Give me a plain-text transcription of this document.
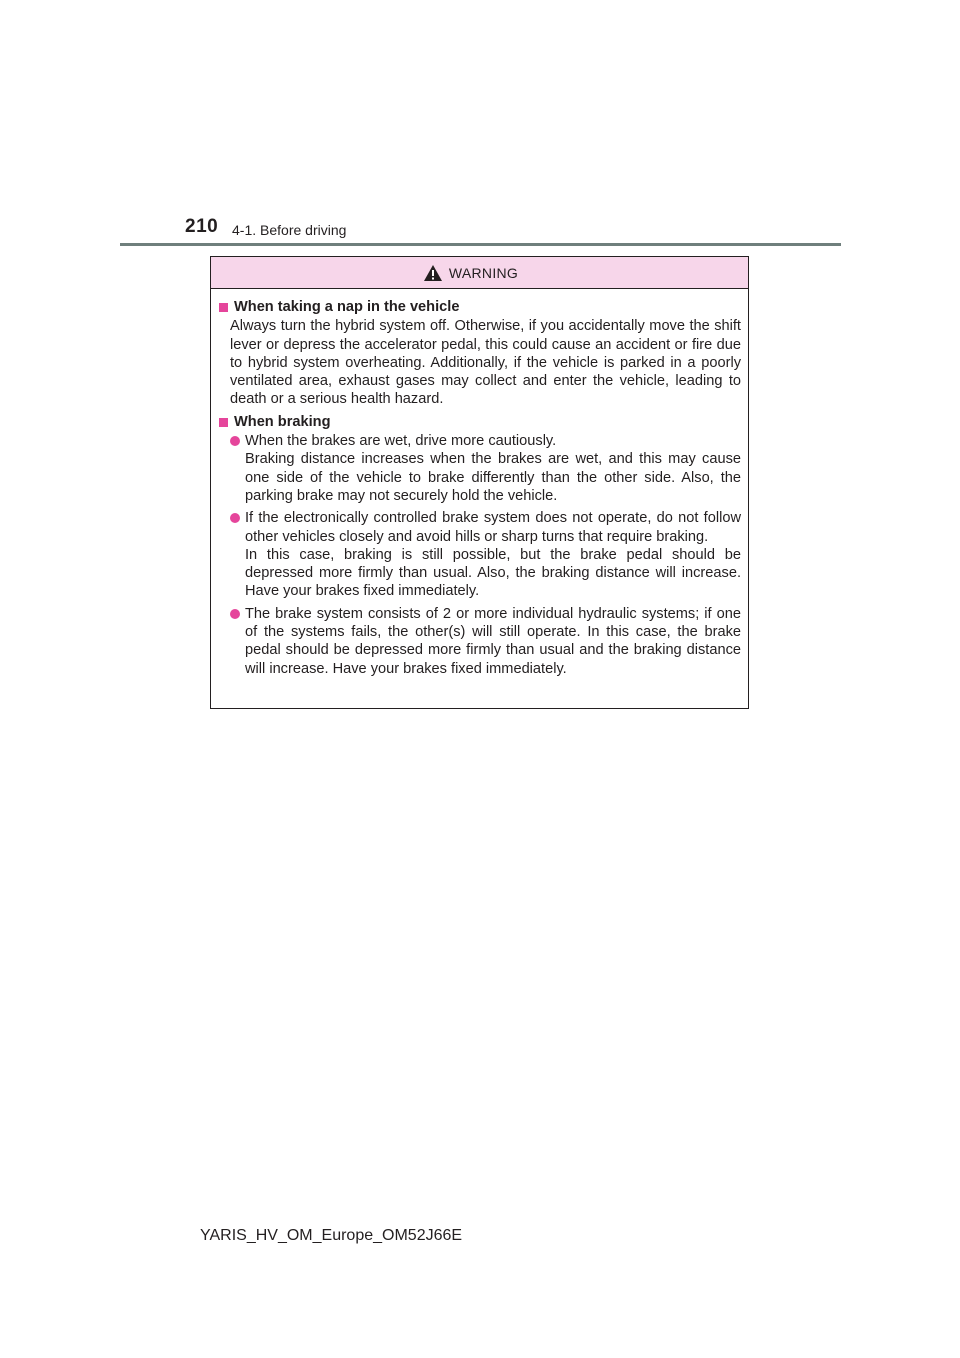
210 4-1. Before driving
WARNING
When taking a nap in the vehicle
Always turn the hybrid system off. Otherwise, if you accidentally move the shift lever or depress the accelerator pedal, this could cause an accident or fire due to hybrid system overheating. Additionally, if the vehicle is parked in a poorly ventilated area, exhaust gases may collect and enter the vehicle, leading to death or a serious health hazard.
When braking

When the brakes are wet, drive more cautiously.

Braking distance increases when the brakes are wet, and this may cause one side of the vehicle to brake differently than the other side. Also, the parking brake may not securely hold the vehicle.

If the electronically controlled brake system does not operate, do not follow other vehicles closely and avoid hills or sharp turns that require braking.

In this case, braking is still possible, but the brake pedal should be depressed more firmly than usual. Also, the braking distance will increase. Have your brakes fixed immediately.

The brake system consists of 2 or more individual hydraulic systems; if one of the systems fails, the other(s) will still operate. In this case, the brake pedal should be depressed more firmly than usual and the braking distance will increase. Have your brakes fixed immediately.

YARIS_HV_OM_Europe_OM52J66E
